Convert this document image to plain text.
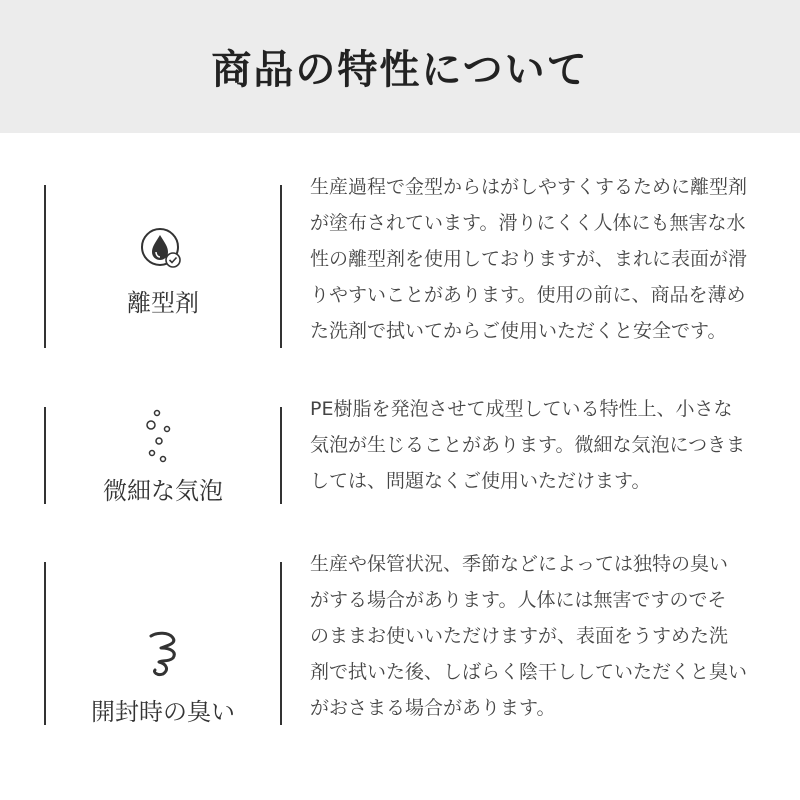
商品の特性について
離型剤

生産過程で金型からはがしやすくするために離型剤

が塗布されています。滑りにくく人体にも無害な水

性の離型剤を使用しておりますが、まれに表面が滑

りやすいことがあります。使用の前に、商品を薄め

た洗剤で拭いてからご使用いただくと安全です。

微細な気泡

PE樹脂を発泡させて成型している特性上、小さな

気泡が生じることがあります。微細な気泡につきま

しては、問題なくご使用いただけます。

開封時の臭い

生産や保管状況、季節などによっては独特の臭い

がする場合があります。人体には無害ですのでそ

のままお使いいただけますが、表面をうすめた洗

剤で拭いた後、しばらく陰干ししていただくと臭い

がおさまる場合があります。
